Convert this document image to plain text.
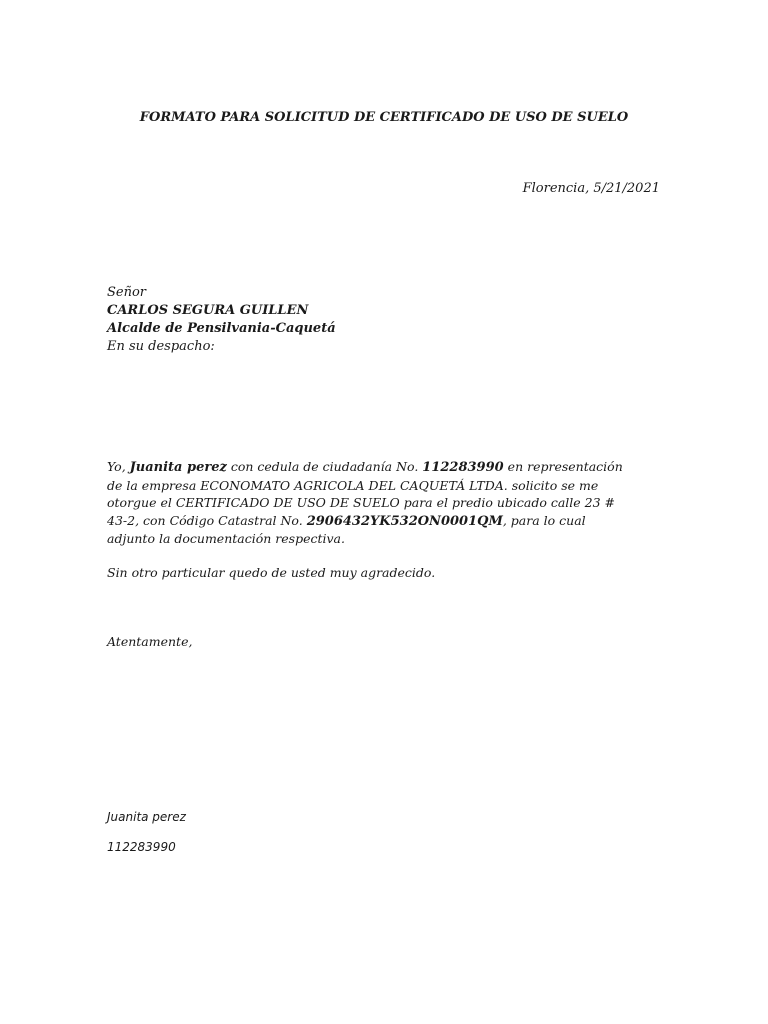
FORMATO PARA SOLICITUD DE CERTIFICADO DE USO DE SUELO
Florencia, 5/21/2021
Señor
CARLOS SEGURA GUILLEN
Alcalde de Pensilvania-Caquetá
En su despacho:
Yo, Juanita perez con cedula de ciudadanía No. 112283990 en representación de la empresa ECONOMATO AGRICOLA DEL CAQUETÁ LTDA. solicito se me otorgue el CERTIFICADO DE USO DE SUELO para el predio ubicado calle 23 # 43-2, con Código Catastral No. 2906432YK532ON0001QM, para lo cual adjunto la documentación respectiva.
Sin otro particular quedo de usted muy agradecido.
Atentamente,
Juanita perez
112283990
